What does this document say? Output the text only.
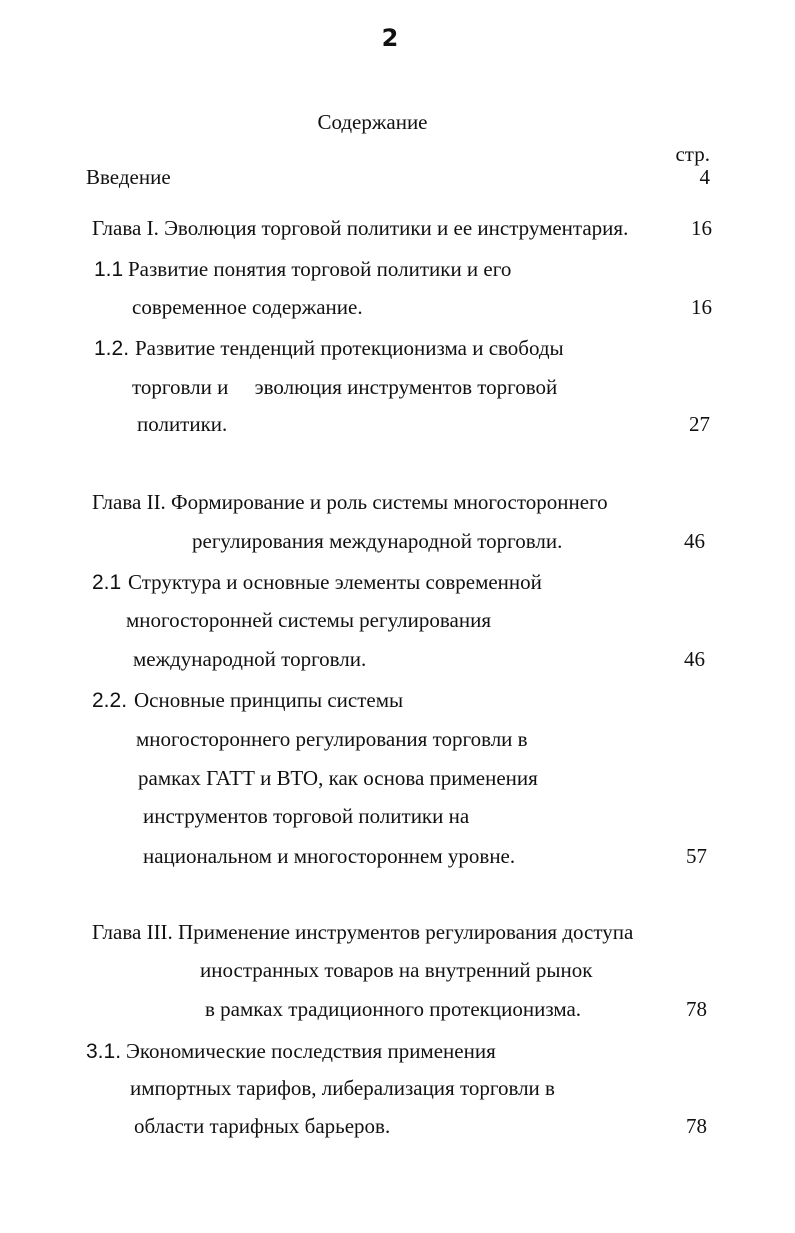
2
Содержание
стр.
Введение	4
Глава I. Эволюция торговой политики и ее инструментария.	16
1.1 Развитие понятия торговой политики и его
современное содержание.	16
1.2. Развитие тенденций протекционизма и свободы
торговли и     эволюция инструментов торговой
политики.	27
Глава II. Формирование и роль системы многостороннего
регулирования международной торговли.	46
2.1 Структура и основные элементы современной
многосторонней системы регулирования
международной торговли.	46
2.2. Основные принципы системы
многостороннего регулирования торговли в
рамках ГАТТ и ВТО, как основа применения
инструментов торговой политики на
национальном и многостороннем уровне.	57
Глава III. Применение инструментов регулирования доступа
иностранных товаров на внутренний рынок
в рамках традиционного протекционизма.	78
3.1. Экономические последствия применения
импортных тарифов, либерализация торговли в
области тарифных барьеров.	78
